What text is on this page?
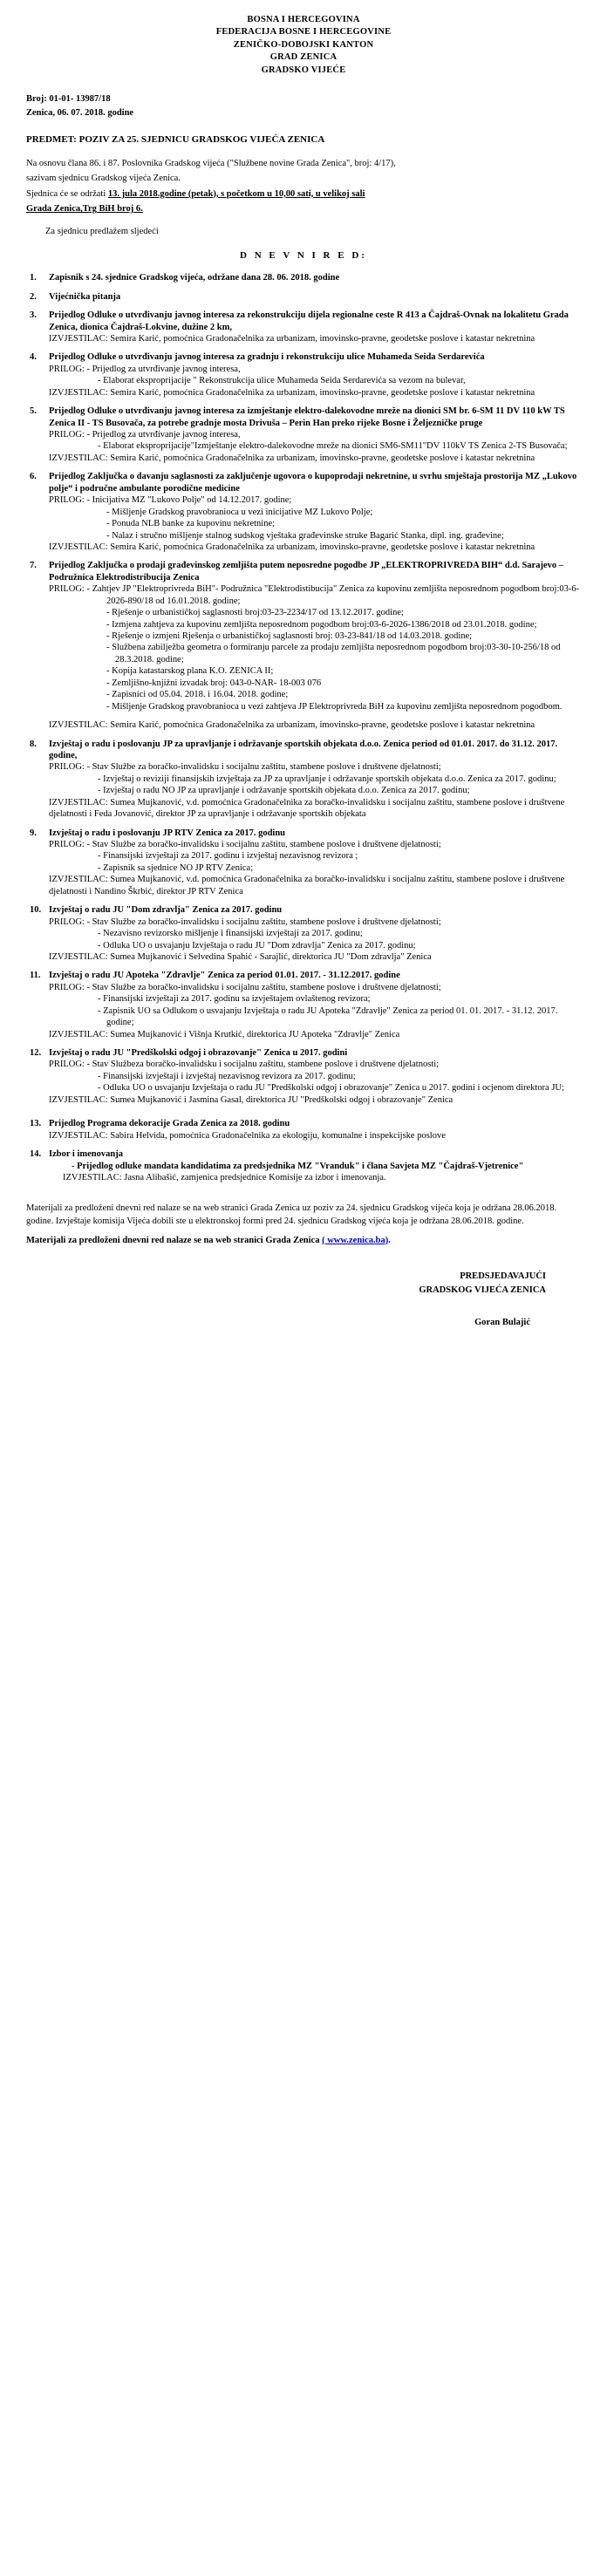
BOSNA I HERCEGOVINA
FEDERACIJA BOSNE I HERCEGOVINE
ZENIČKO-DOBOJSKI KANTON
GRAD ZENICA
GRADSKO VIJEĆE
Broj: 01-01- 13987/18
Zenica, 06. 07. 2018. godine
PREDMET: POZIV ZA 25. SJEDNICU GRADSKOG VIJEĆA ZENICA
Na osnovu člana 86. i 87. Poslovnika Gradskog vijeća ("Službene novine Grada Zenica", broj: 4/17),
sazivam sjednicu Gradskog vijeća Zenica.
Sjednica će se održati 13. jula 2018.godine (petak), s početkom u 10,00 sati, u velikoj sali
Grada Zenica,Trg BiH broj 6.
Za sjednicu predlažem sljedeći
D N E V N I R E D:
1.	Zapisnik s 24. sjednice Gradskog vijeća, održane dana 28. 06. 2018. godine
2.	Vijećnička pitanja
3.	Prijedlog Odluke o utvrđivanju javnog interesa za rekonstrukciju dijela regionalne ceste R 413 a Čajdraš-Ovnak na lokalitetu Grada Zenica, dionica Čajdraš-Lokvine, dužine 2 km,
IZVJESTILAC: Semira Karić, pomoćnica Gradonačelnika za urbanizam, imovinsko-pravne, geodetske poslove i katastar nekretnina
4.	Prijedlog Odluke o utvrđivanju javnog interesa za gradnju i rekonstrukciju ulice Muhameda Seida Serdarevića
PRILOG: - Prijedlog za utvrđivanje javnog interesa,
- Elaborat eksproprijacije " Rekonstrukcija ulice Muhameda Seida Serdarevića sa vezom na bulevar,
IZVJESTILAC: Semira Karić, pomoćnica Gradonačelnika za urbanizam, imovinsko-pravne, geodetske poslove i katastar nekretnina
5.	Prijedlog Odluke o utvrđivanju javnog interesa za izmještanje elektro-dalekovodne mreže na dionici SM br. 6-SM 11 DV 110 kW TS Zenica II - TS Busovača, za potrebe gradnje mosta Drivuša – Perin Han preko rijeke Bosne i Željezničke pruge
PRILOG: - Prijedlog za utvrđivanje javnog interesa,
- Elaborat eksproprijacije"Izmještanje elektro-dalekovodne mreže na dionici SM6-SM11"DV 110kV TS Zenica 2-TS Busovača;
IZVJESTILAC: Semira Karić, pomoćnica Gradonačelnika za urbanizam, imovinsko-pravne, geodetske poslove i katastar nekretnina
6.	Prijedlog Zaključka o davanju saglasnosti za zaključenje ugovora o kupoprodaji nekretnine, u svrhu smještaja prostorija MZ „Lukovo polje“ i područne ambulante porodične medicine
PRILOG: - Inicijativa MZ "Lukovo Polje" od 14.12.2017. godine;
- Mišljenje Gradskog pravobranioca u vezi inicijative MZ Lukovo Polje;
- Ponuda NLB banke za kupovinu nekretnine;
- Nalaz i stručno mišljenje stalnog sudskog vještaka građevinske struke Bagarić Stanka, dipl. ing. građevine;
IZVJESTILAC: Semira Karić, pomoćnica Gradonačelnika za urbanizam, imovinsko-pravne, geodetske poslove i katastar nekretnina
7.	Prijedlog Zaključka o prodaji građevinskog zemljišta putem neposredne pogodbe JP „ELEKTROPRIVREDA BIH“ d.d. Sarajevo – Podružnica Elektrodistribucija Zenica
PRILOG: - Zahtjev JP "Elektroprivreda BiH"- Podružnica "Elektrodistibucija" Zenica za kupovinu zemljišta neposrednom pogodbom broj:03-6-2026-890/18 od 16.01.2018. godine;
- Rješenje o urbanističkoj saglasnosti broj:03-23-2234/17 od 13.12.2017. godine;
- Izmjena zahtjeva za kupovinu zemljišta neposrednom pogodbom broj:03-6-2026-1386/2018 od 23.01.2018. godine;
- Rješenje o izmjeni Rješenja o urbanističkoj saglasnosti broj: 03-23-841/18 od 14.03.2018. godine;
- Službena zabilježba geometra o formiranju parcele za prodaju zemljišta neposrednom pogodbom broj:03-30-10-256/18 od 28.3.2018. godine;
- Kopija katastarskog plana K.O. ZENICA II;
- Zemljišno-knjižni izvadak broj: 043-0-NAR- 18-003 076
- Zapisnici od 05.04. 2018. i 16.04. 2018. godine;
- Mišljenje Gradskog pravobranioca u vezi zahtjeva JP Elektroprivreda BiH za kupovinu zemljišta neposrednom pogodbom.
IZVJESTILAC: Semira Karić, pomoćnica Gradonačelnika za urbanizam, imovinsko-pravne, geodetske poslove i katastar nekretnina
8.	Izvještaj o radu i poslovanju JP za upravljanje i održavanje sportskih objekata d.o.o. Zenica period od 01.01. 2017. do 31.12. 2017. godine,
PRILOG: - Stav Službe za boračko-invalidsku i socijalnu zaštitu, stambene poslove i društvene djelatnosti;
- Izvještaj o reviziji finansijskih izvještaja za JP za upravljanje i održavanje sportskih objekata d.o.o. Zenica za 2017. godinu;
- Izvještaj o radu NO JP za upravljanje i održavanje sportskih objekata d.o.o. Zenica za 2017. godinu;
IZVJESTILAC: Sumea Mujkanović, v.d. pomoćnica Gradonačelnika za boračko-invalidsku i socijalnu zaštitu, stambene poslove i društvene djelatnosti i Feda Jovanović, direktor JP za upravljanje i održavanje sportskih objekata
9.	Izvještaj o radu i poslovanju JP RTV Zenica za 2017. godinu
PRILOG: - Stav Službe za boračko-invalidsku i socijalnu zaštitu, stambene poslove i društvene djelatnosti;
- Finansijski izvještaji za 2017. godinu i izvještaj nezavisnog revizora ;
- Zapisnik sa sjednice NO JP RTV Zenica;
IZVJESTILAC: Sumea Mujkanović, v.d. pomoćnica Gradonačelnika za boračko-invalidsku i socijalnu zaštitu, stambene poslove i društvene djelatnosti i Nandino Škrbić, direktor JP RTV Zenica
10. Izvještaj o radu JU "Dom zdravlja" Zenica za 2017. godinu
PRILOG: - Stav Službe za boračko-invalidsku i socijalnu zaštitu, stambene poslove i društvene djelatnosti;
- Nezavisno revizorsko mišljenje i finansijski izvještaji za 2017. godinu;
- Odluka UO o usvajanju Izvještaja o radu JU "Dom zdravlja" Zenica za 2017. godinu;
IZVJESTILAC: Sumea Mujkanović i Selvedina Spahić - Sarajlić, direktorica JU "Dom zdravlja" Zenica
11. Izvještaj o radu JU Apoteka "Zdravlje" Zenica za period 01.01. 2017. - 31.12.2017. godine
PRILOG: - Stav Službe za boračko-invalidsku i socijalnu zaštitu, stambene poslove i društvene djelatnosti;
- Finansijski izvještaji za 2017. godinu sa izvještajem ovlaštenog revizora;
- Zapisnik UO sa Odlukom o usvajanju Izvještaja o radu JU Apoteka "Zdravlje" Zenica za period 01. 01. 2017. - 31.12. 2017. godine;
IZVJESTILAC: Sumea Mujkanović i Višnja Krutkić, direktorica JU Apoteka "Zdravlje" Zenica
12. Izvještaj o radu JU "Predškolski odgoj i obrazovanje" Zenica u 2017. godini
PRILOG: - Stav Službeza boračko-invalidsku i socijalnu zaštitu, stambene poslove i društvene djelatnosti;
- Finansijski izvještaji i izvještaj nezavisnog revizora za 2017. godinu;
- Odluka UO o usvajanju Izvještaja o radu JU "Predškolski odgoj i obrazovanje" Zenica u 2017. godini i ocjenom direktora JU;
IZVJESTILAC: Sumea Mujkanović i Jasmina Gasal, direktorica JU "Predškolski odgoj i obrazovanje" Zenica
13. Prijedlog Programa dekoracije Grada Zenica za 2018. godinu
IZVJESTILAC: Sabira Helvida, pomoćnica Gradonačelnika za ekologiju, komunalne i inspekcijske poslove
14. Izbor i imenovanja
- Prijedlog odluke mandata kandidatima za predsjednika MZ "Vranduk" i člana Savjeta MZ "Čajdraš-Vjetrenice"
IZVJESTILAC: Jasna Alibašić, zamjenica predsjednice Komisije za izbor i imenovanja.
Materijali za predloženi dnevni red nalaze se na web stranici Grada Zenica uz poziv za 24. sjednicu Gradskog vijeća koja je održana 28.06.2018. godine. Izvještaje komisija Vijeća dobili ste u elektronskoj formi pred 24. sjednicu Gradskog vijeća koja je održana 28.06.2018. godine.
Materijali za predloženi dnevni red nalaze se na web stranici Grada Zenica ( www.zenica.ba).
PREDSJEDAVAJUĆI
GRADSKOG VIJEĆA ZENICA
Goran Bulajić
